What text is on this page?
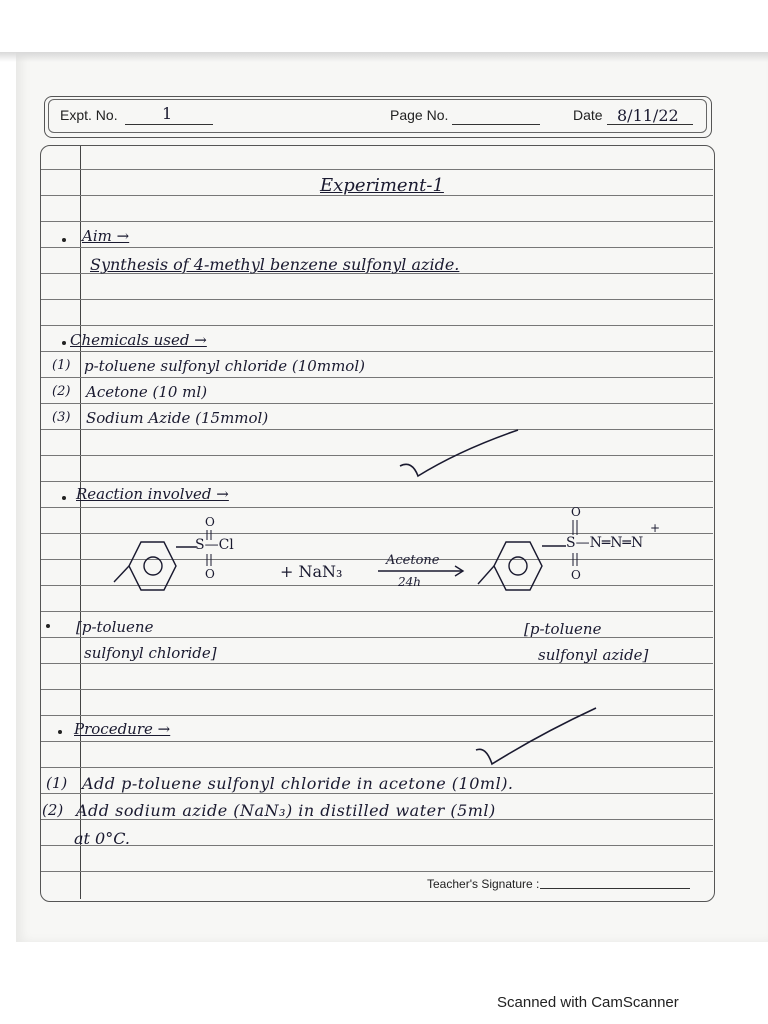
Expt. No.	1	Page No.	Date 8/11/22
Experiment-1
Aim →
Synthesis of 4-methyl benzene sulfonyl azide.
Chemicals used →
(1) p-toluene sulfonyl chloride (10mmol)
(2) Acetone (10 ml)
(3) Sodium Azide (15mmol)
Reaction involved →
O
O
O
O
+
S—Cl
+ NaN₃
Acetone
24h
S—N═N═N
[p-toluene
sulfonyl chloride]
[p-toluene
sulfonyl azide]
Procedure →
(1) Add p-toluene sulfonyl chloride in acetone (10ml).
(2) Add sodium azide (NaN₃) in distilled water (5ml)
at 0°C.
Teacher's Signature :
Scanned with CamScanner
